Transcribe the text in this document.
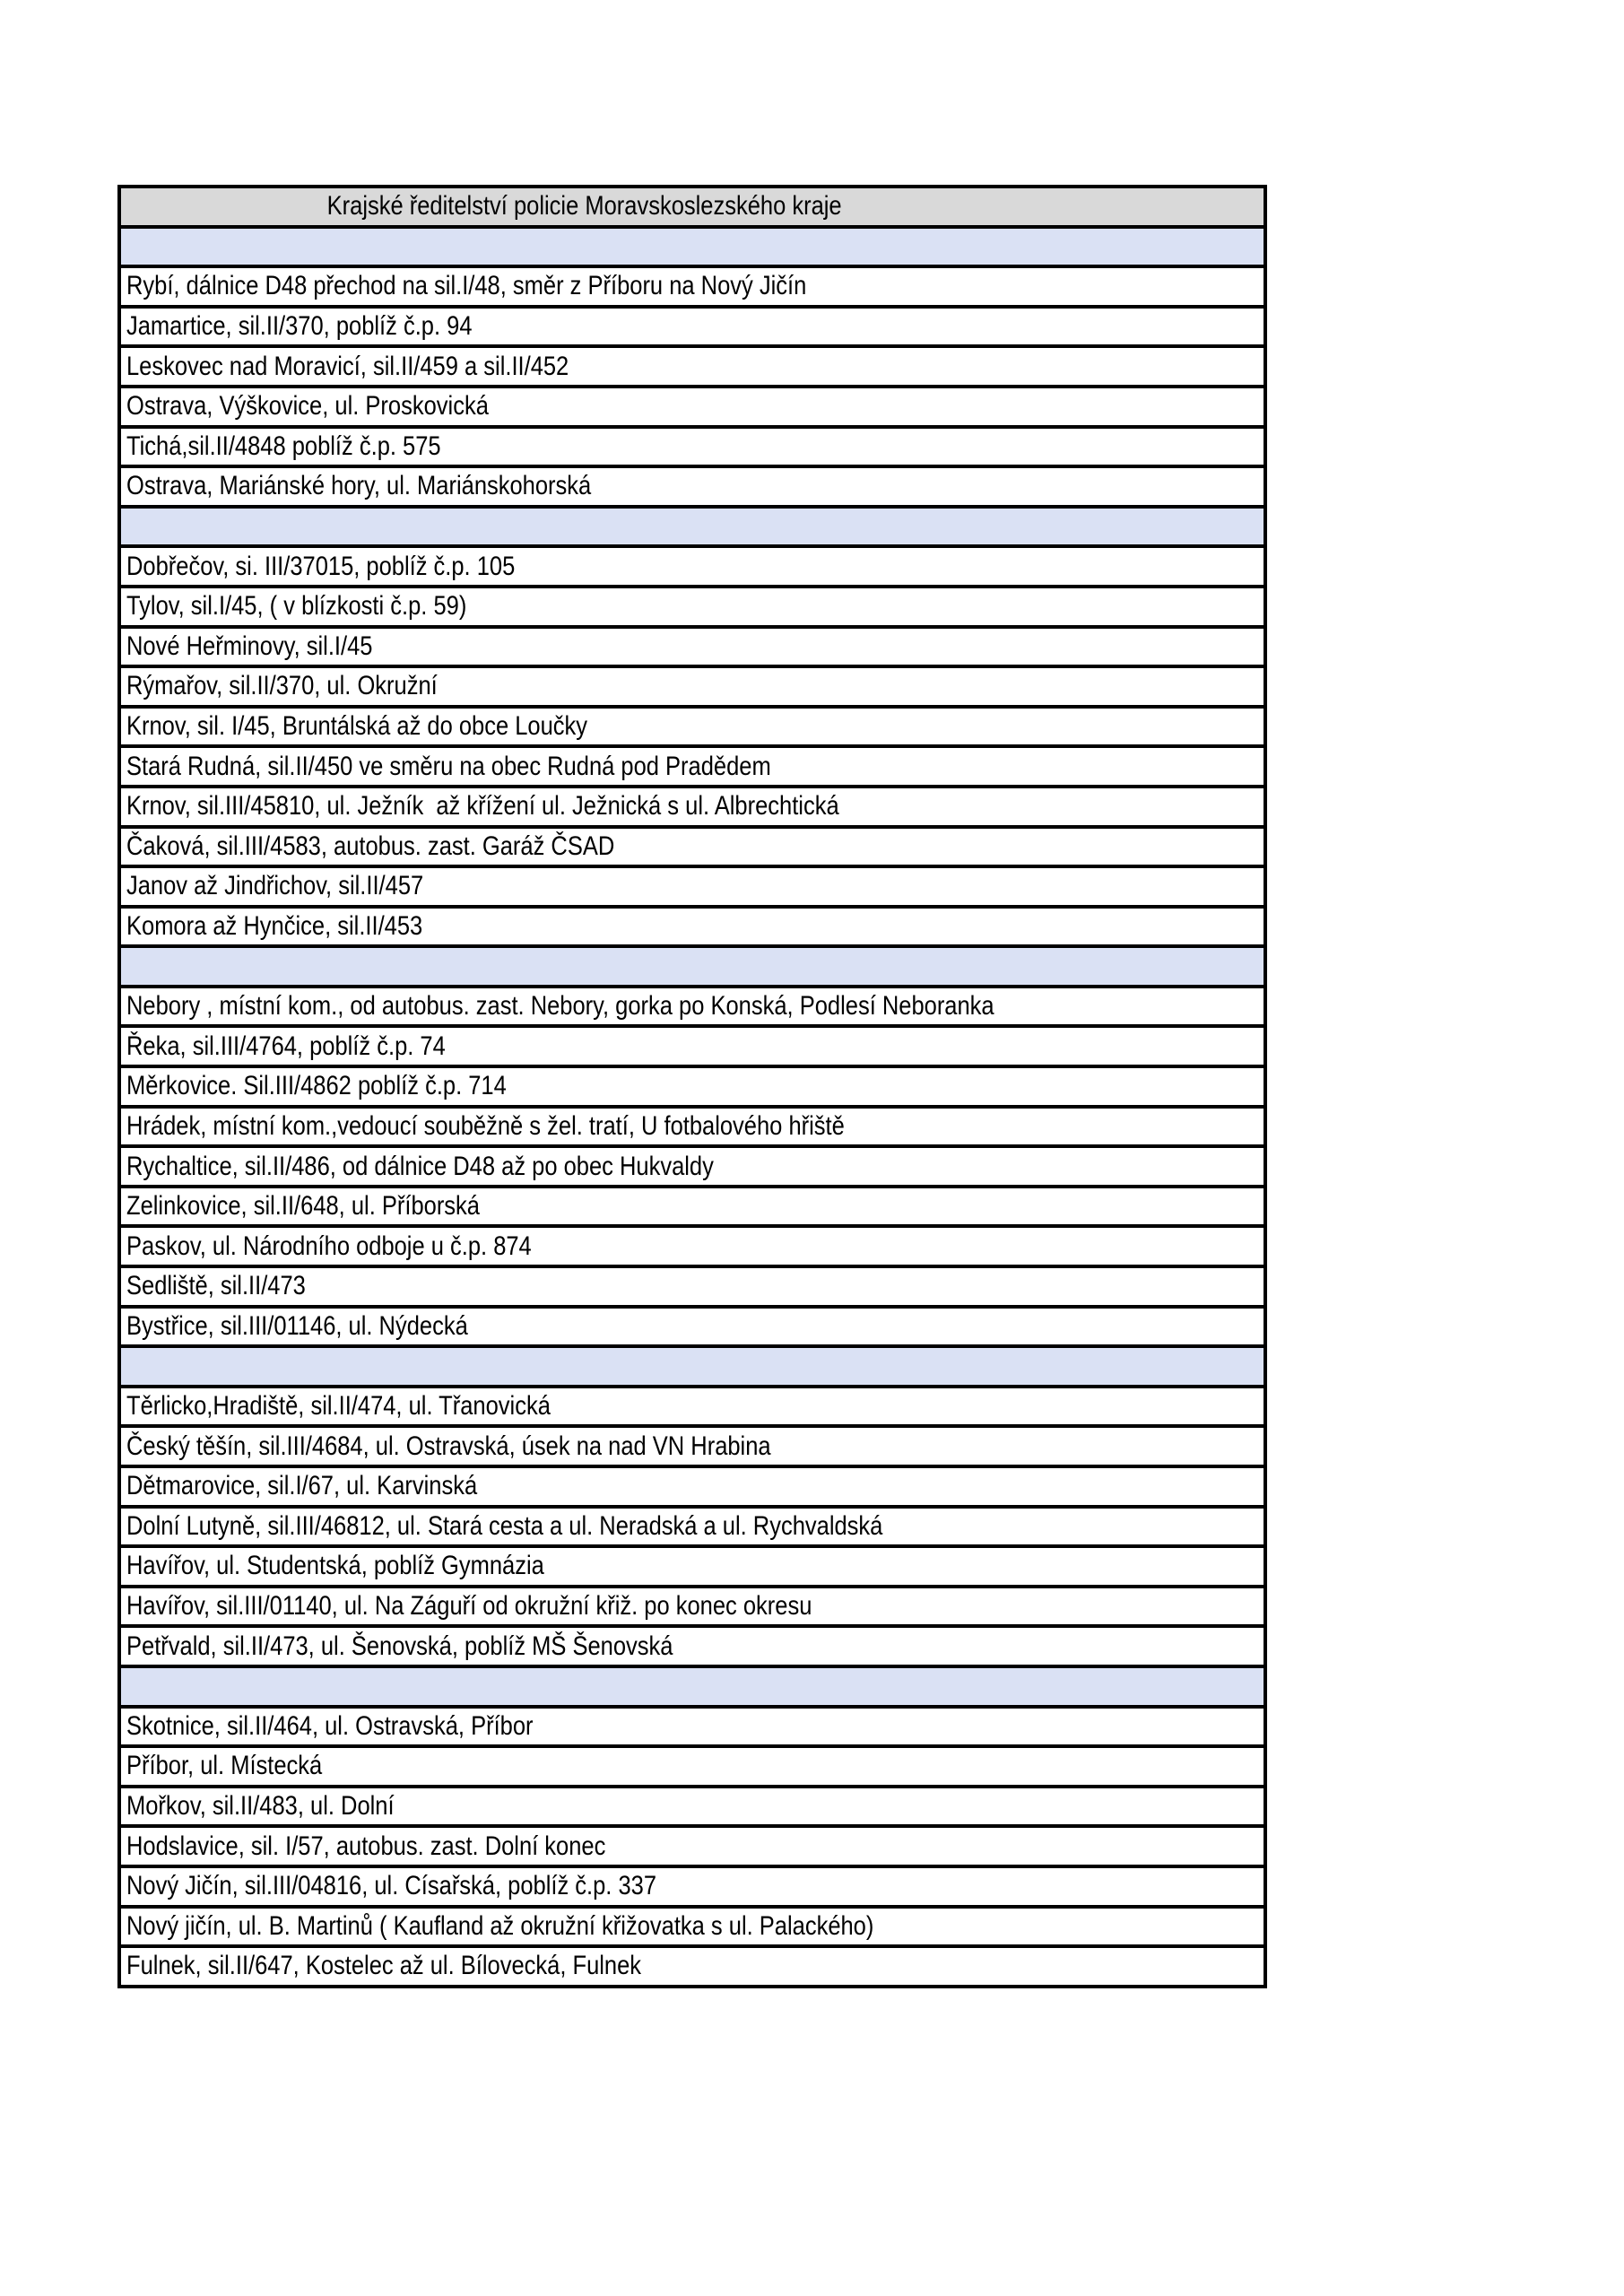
Krajské ředitelství policie Moravskoslezského kraje

Rybí, dálnice D48 přechod na sil.I/48, směr z Příboru na Nový Jičín
Jamartice, sil.II/370, poblíž č.p. 94
Leskovec nad Moravicí, sil.II/459 a sil.II/452
Ostrava, Výškovice, ul. Proskovická
Tichá,sil.II/4848 poblíž č.p. 575
Ostrava, Mariánské hory, ul. Mariánskohorská

Dobřečov, si. III/37015, poblíž č.p. 105
Tylov, sil.I/45, ( v blízkosti č.p. 59)
Nové Heřminovy, sil.I/45
Rýmařov, sil.II/370, ul. Okružní
Krnov, sil. I/45, Bruntálská až do obce Loučky
Stará Rudná, sil.II/450 ve směru na obec Rudná pod Pradědem
Krnov, sil.III/45810, ul. Ježník  až křížení ul. Ježnická s ul. Albrechtická
Čaková, sil.III/4583, autobus. zast. Garáž ČSAD
Janov až Jindřichov, sil.II/457
Komora až Hynčice, sil.II/453

Nebory , místní kom., od autobus. zast. Nebory, gorka po Konská, Podlesí Neboranka
Řeka, sil.III/4764, poblíž č.p. 74
Měrkovice. Sil.III/4862 poblíž č.p. 714
Hrádek, místní kom.,vedoucí souběžně s žel. tratí, U fotbalového hřiště
Rychaltice, sil.II/486, od dálnice D48 až po obec Hukvaldy
Zelinkovice, sil.II/648, ul. Příborská
Paskov, ul. Národního odboje u č.p. 874
Sedliště, sil.II/473
Bystřice, sil.III/01146, ul. Nýdecká

Těrlicko,Hradiště, sil.II/474, ul. Třanovická
Český těšín, sil.III/4684, ul. Ostravská, úsek na nad VN Hrabina
Dětmarovice, sil.I/67, ul. Karvinská
Dolní Lutyně, sil.III/46812, ul. Stará cesta a ul. Neradská a ul. Rychvaldská
Havířov, ul. Studentská, poblíž Gymnázia
Havířov, sil.III/01140, ul. Na Záguří od okružní křiž. po konec okresu
Petřvald, sil.II/473, ul. Šenovská, poblíž MŠ Šenovská

Skotnice, sil.II/464, ul. Ostravská, Příbor
Příbor, ul. Místecká
Mořkov, sil.II/483, ul. Dolní
Hodslavice, sil. I/57, autobus. zast. Dolní konec
Nový Jičín, sil.III/04816, ul. Císařská, poblíž č.p. 337
Nový jičín, ul. B. Martinů ( Kaufland až okružní křižovatka s ul. Palackého)
Fulnek, sil.II/647, Kostelec až ul. Bílovecká, Fulnek
